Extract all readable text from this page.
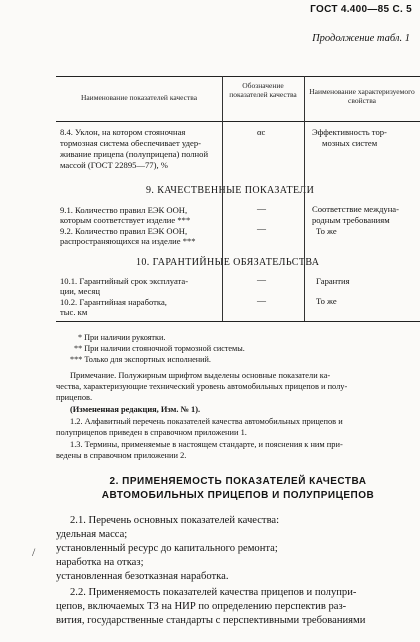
ГОСТ 4.400—85 С. 5
Продолжение табл. 1
Наименование показателей качества
Обозначение показателей качества	Наименование характеризуемого свойства
8.4. Уклон, на котором стояночная
тормозная система обеспечивает удер-
живание прицепа (полуприцепа) полной
массой (ГОСТ 22895—77), %
αс	Эффективность тор-
мозных систем
9. КАЧЕСТВЕННЫЕ ПОКАЗАТЕЛИ
9.1. Количество правил ЕЭК ООН,
которым соответствует изделие ***
9.2. Количество правил ЕЭК ООН,
распространяющихся на изделие ***
—
—
Соответствие междуна-
родным требованиям
То же
10. ГАРАНТИЙНЫЕ ОБЯЗАТЕЛЬСТВА
10.1. Гарантийный срок эксплуата-
ции, месяц
10.2. Гарантийная наработка,
тыс. км
—
—
Гарантия
То же
* При наличии рукоятки.
** При наличии стояночной тормозной системы.
*** Только для экспортных исполнений.
Примечание. Полужирным шрифтом выделены основные показатели ка-
чества, характеризующие технический уровень автомобильных прицепов и полу-
прицепов.
(Измененная редакция, Изм. № 1).
1.2. Алфавитный перечень показателей качества автомобильных прицепов и
полуприцепов приведен в справочном приложении 1.
1.3. Термины, применяемые в настоящем стандарте, и пояснения к ним при-
ведены в справочном приложении 2.
2. ПРИМЕНЯЕМОСТЬ ПОКАЗАТЕЛЕЙ КАЧЕСТВА
АВТОМОБИЛЬНЫХ ПРИЦЕПОВ И ПОЛУПРИЦЕПОВ
2.1. Перечень основных показателей качества:
удельная масса;
установленный ресурс до капитального ремонта;
наработка на отказ;
установленная безотказная наработка.
2.2. Применяемость показателей качества прицепов и полупри-
цепов, включаемых ТЗ на НИР по определению перспектив раз-
вития, государственные стандарты с перспективными требованиями
/
